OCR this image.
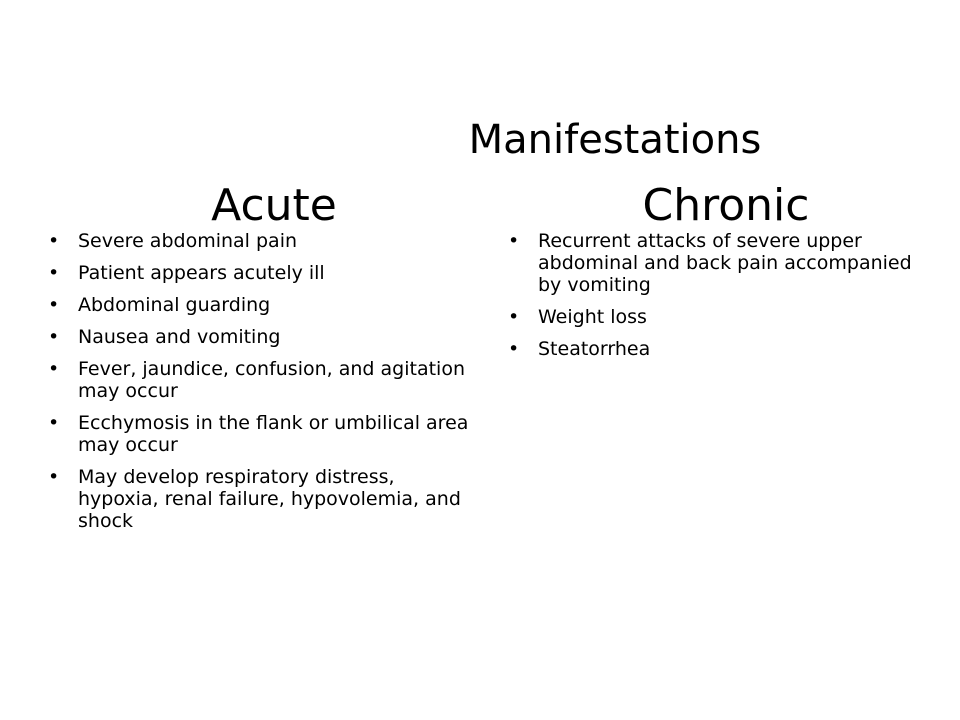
Manifestations
Acute	Chronic
• Severe abdominal pain
• Patient appears acutely ill
• Abdominal guarding
• Nausea and vomiting
• Fever, jaundice, confusion, and agitation may occur
• Ecchymosis in the flank or umbilical area may occur
• May develop respiratory distress, hypoxia, renal failure, hypovolemia, and shock
• Recurrent attacks of severe upper abdominal and back pain accompanied by vomiting
• Weight loss
• Steatorrhea
